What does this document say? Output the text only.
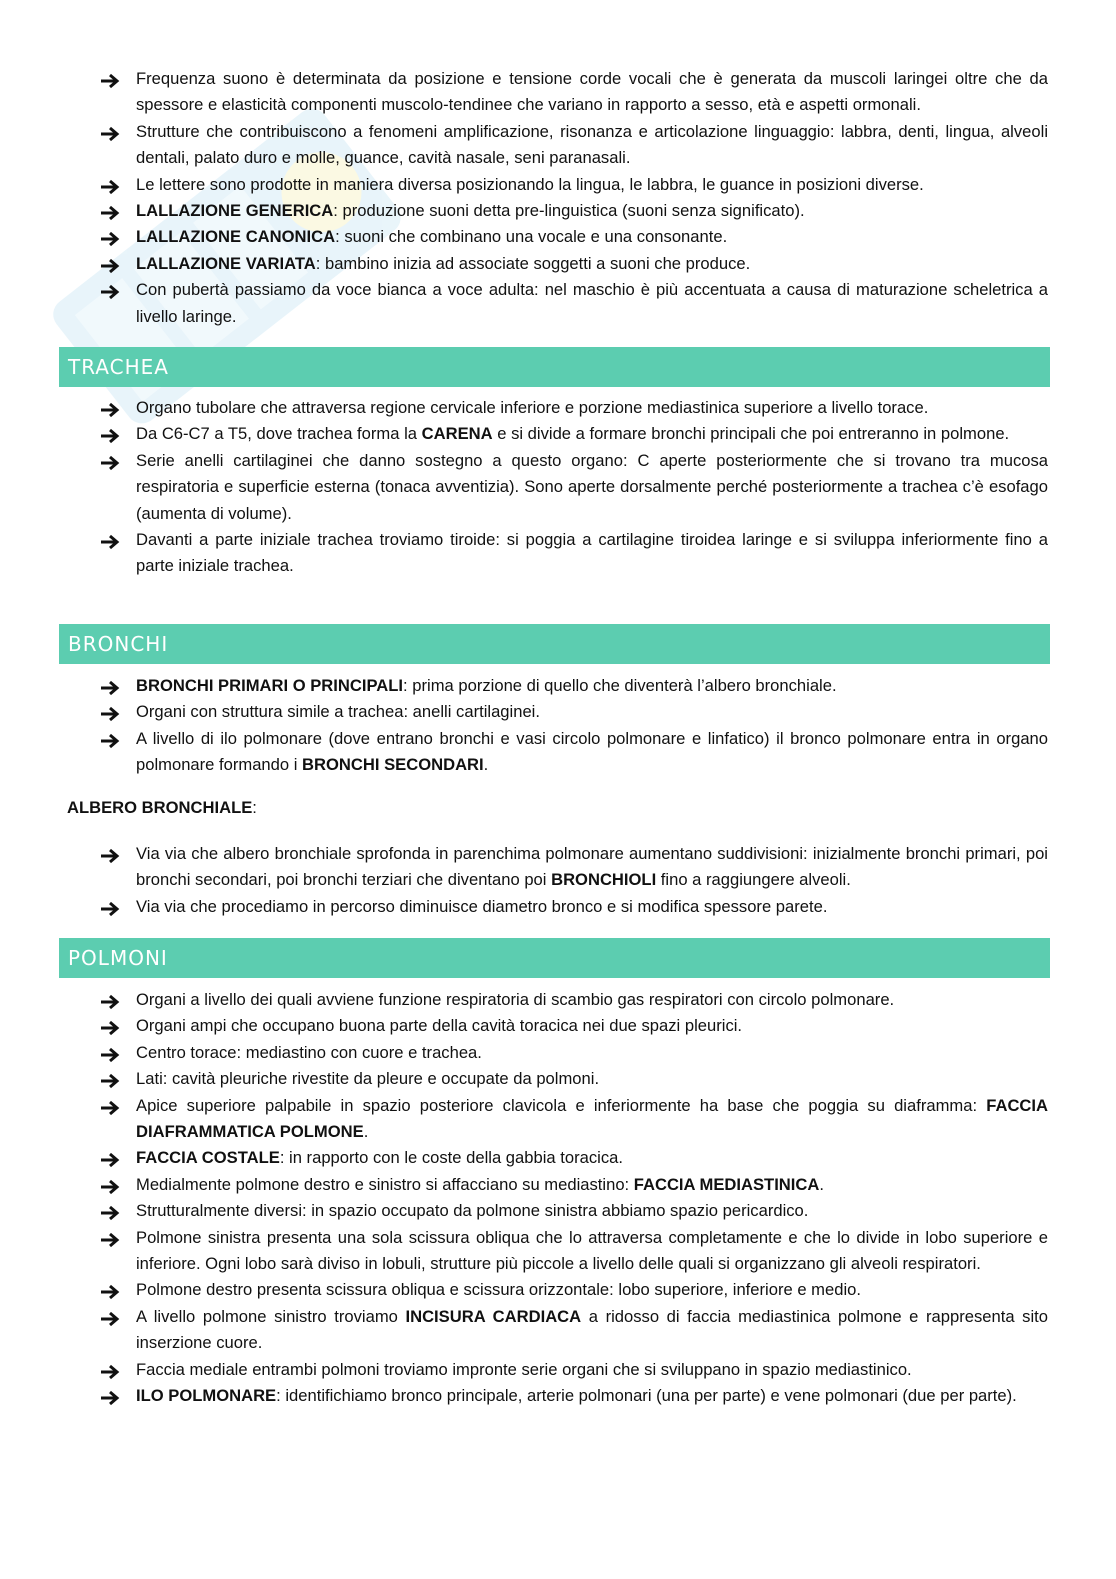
Frequenza suono è determinata da posizione e tensione corde vocali che è generata da muscoli laringei oltre che da spessore e elasticità componenti muscolo-tendinee che variano in rapporto a sesso, età e aspetti ormonali.
Strutture che contribuiscono a fenomeni amplificazione, risonanza e articolazione linguaggio: labbra, denti, lingua, alveoli dentali, palato duro e molle, guance, cavità nasale, seni paranasali.
Le lettere sono prodotte in maniera diversa posizionando la lingua, le labbra, le guance in posizioni diverse.
LALLAZIONE GENERICA: produzione suoni detta pre-linguistica (suoni senza significato).
LALLAZIONE CANONICA: suoni che combinano una vocale e una consonante.
LALLAZIONE VARIATA: bambino inizia ad associate soggetti a suoni che produce.
Con pubertà passiamo da voce bianca a voce adulta: nel maschio è più accentuata a causa di maturazione scheletrica a livello laringe.
TRACHEA
Organo tubolare che attraversa regione cervicale inferiore e porzione mediastinica superiore a livello torace.
Da C6-C7 a T5, dove trachea forma la CARENA e si divide a formare bronchi principali che poi entreranno in polmone.
Serie anelli cartilaginei che danno sostegno a questo organo: C aperte posteriormente che si trovano tra mucosa respiratoria e superficie esterna (tonaca avventizia). Sono aperte dorsalmente perché posteriormente a trachea c’è esofago (aumenta di volume).
Davanti a parte iniziale trachea troviamo tiroide: si poggia a cartilagine tiroidea laringe e si sviluppa inferiormente fino a parte iniziale trachea.
BRONCHI
BRONCHI PRIMARI O PRINCIPALI: prima porzione di quello che diventerà l’albero bronchiale.
Organi con struttura simile a trachea: anelli cartilaginei.
A livello di ilo polmonare (dove entrano bronchi e vasi circolo polmonare e linfatico) il bronco polmonare entra in organo polmonare formando i BRONCHI SECONDARI.
ALBERO BRONCHIALE:
Via via che albero bronchiale sprofonda in parenchima polmonare aumentano suddivisioni: inizialmente bronchi primari, poi bronchi secondari, poi bronchi terziari che diventano poi BRONCHIOLI fino a raggiungere alveoli.
Via via che procediamo in percorso diminuisce diametro bronco e si modifica spessore parete.
POLMONI
Organi a livello dei quali avviene funzione respiratoria di scambio gas respiratori con circolo polmonare.
Organi ampi che occupano buona parte della cavità toracica nei due spazi pleurici.
Centro torace: mediastino con cuore e trachea.
Lati: cavità pleuriche rivestite da pleure e occupate da polmoni.
Apice superiore palpabile in spazio posteriore clavicola e inferiormente ha base che poggia su diaframma: FACCIA DIAFRAMMATICA POLMONE.
FACCIA COSTALE: in rapporto con le coste della gabbia toracica.
Medialmente polmone destro e sinistro si affacciano su mediastino: FACCIA MEDIASTINICA.
Strutturalmente diversi: in spazio occupato da polmone sinistra abbiamo spazio pericardico.
Polmone sinistra presenta una sola scissura obliqua che lo attraversa completamente e che lo divide in lobo superiore e inferiore. Ogni lobo sarà diviso in lobuli, strutture più piccole a livello delle quali si organizzano gli alveoli respiratori.
Polmone destro presenta scissura obliqua e scissura orizzontale: lobo superiore, inferiore e medio.
A livello polmone sinistro troviamo INCISURA CARDIACA a ridosso di faccia mediastinica polmone e rappresenta sito inserzione cuore.
Faccia mediale entrambi polmoni troviamo impronte serie organi che si sviluppano in spazio mediastinico.
ILO POLMONARE: identifichiamo bronco principale, arterie polmonari (una per parte) e vene polmonari (due per parte).
